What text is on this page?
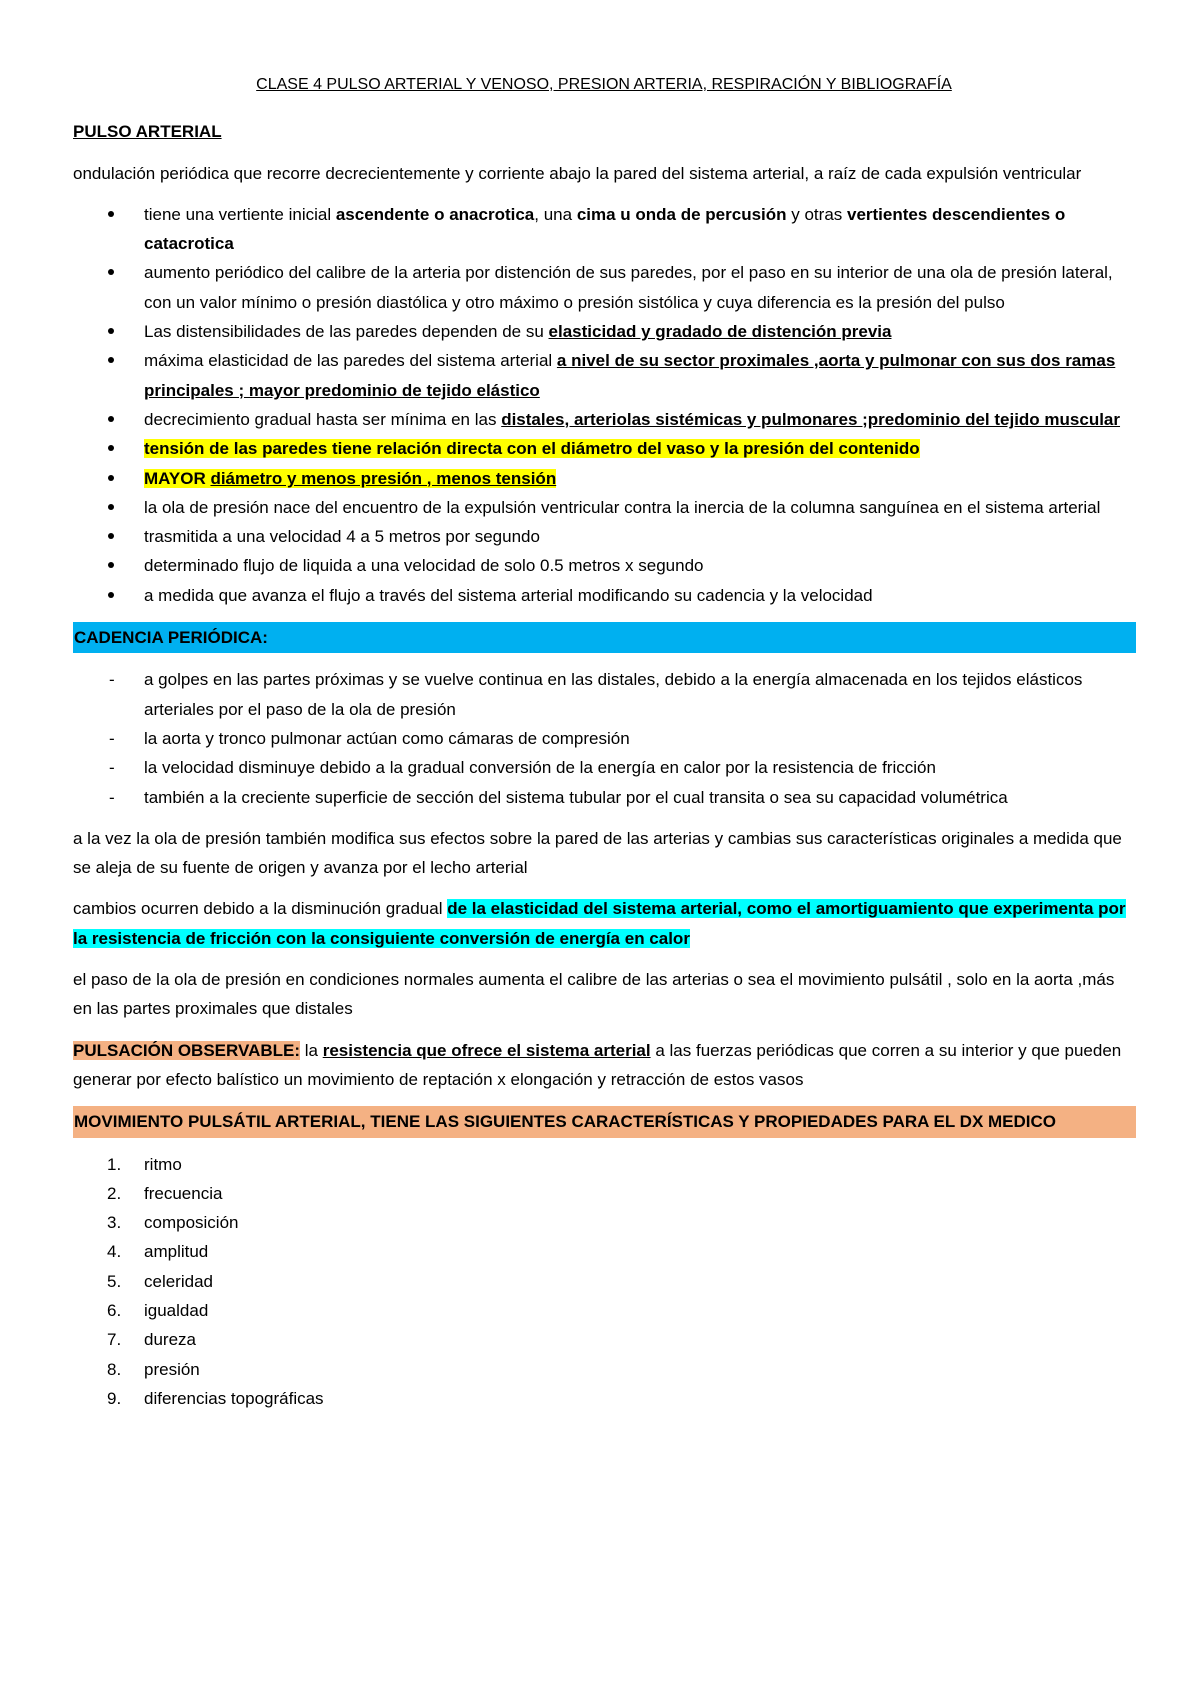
CLASE 4 PULSO ARTERIAL Y VENOSO, PRESION ARTERIA, RESPIRACIÓN Y BIBLIOGRAFÍA
PULSO ARTERIAL

ondulación periódica que recorre decrecientemente y corriente abajo la pared del sistema arterial, a raíz de cada expulsión ventricular

tiene una vertiente inicial ascendente o anacrotica, una cima u onda de percusión y otras vertientes descendientes o catacrotica
aumento periódico del calibre de la arteria por distención de sus paredes, por el paso en su interior de una ola de presión lateral, con un valor mínimo o presión diastólica y otro máximo o presión sistólica y cuya diferencia es la presión del pulso
Las distensibilidades de las paredes dependen de su elasticidad y gradado de distención previa
máxima elasticidad de las paredes del sistema arterial a nivel de su sector proximales ,aorta y pulmonar con sus dos ramas principales ; mayor predominio de tejido elástico
decrecimiento gradual hasta ser mínima en las distales, arteriolas sistémicas y pulmonares ;predominio del tejido muscular
tensión de las paredes tiene relación directa con el diámetro del vaso y la presión del contenido
MAYOR diámetro y menos presión , menos tensión
la ola de presión nace del encuentro de la expulsión ventricular contra la inercia de la columna sanguínea en el sistema arterial
trasmitida a una velocidad 4 a 5 metros por segundo
determinado flujo de liquida a una velocidad de solo 0.5 metros x segundo
a medida que avanza el flujo a través del sistema arterial modificando su cadencia y la velocidad
CADENCIA PERIÓDICA:
- a golpes en las partes próximas y se vuelve continua en las distales, debido a la energía almacenada en los tejidos elásticos arteriales por el paso de la ola de presión
- la aorta y tronco pulmonar actúan como cámaras de compresión
- la velocidad disminuye debido a la gradual conversión de la energía en calor por la resistencia de fricción
- también a la creciente superficie de sección del sistema tubular por el cual transita o sea su capacidad volumétrica

a la vez la ola de presión también modifica sus efectos sobre la pared de las arterias y cambias sus características originales a medida que se aleja de su fuente de origen y avanza por el lecho arterial

cambios ocurren debido a la disminución gradual de la elasticidad del sistema arterial, como el amortiguamiento que experimenta por la resistencia de fricción con la consiguiente conversión de energía en calor

el paso de la ola de presión en condiciones normales aumenta el calibre de las arterias o sea el movimiento pulsátil , solo en la aorta ,más en las partes proximales que distales

PULSACIÓN OBSERVABLE: la resistencia que ofrece el sistema arterial a las fuerzas periódicas que corren a su interior y que pueden generar por efecto balístico un movimiento de reptación x elongación y retracción de estos vasos

MOVIMIENTO PULSÁTIL ARTERIAL, TIENE LAS SIGUIENTES CARACTERÍSTICAS Y PROPIEDADES PARA EL DX MEDICO
1.	ritmo
2.	frecuencia
3.	composición
4.	amplitud
5.	celeridad
6.	igualdad
7.	dureza
8.	presión
9.	diferencias topográficas
